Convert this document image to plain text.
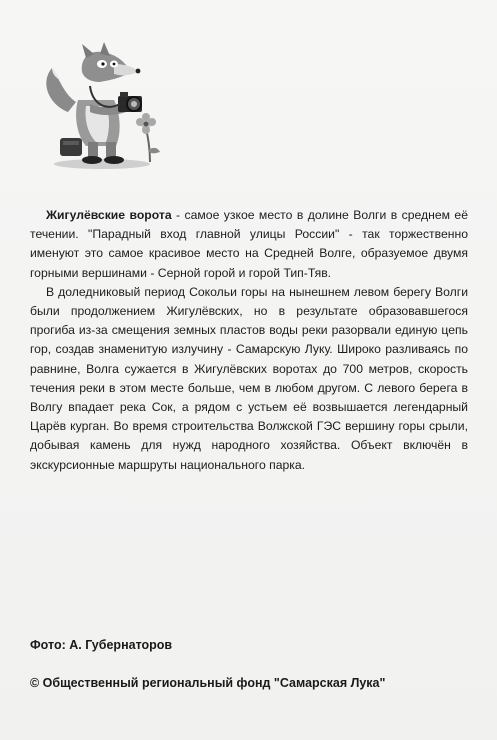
Жигулёвские ворота - самое узкое место в долине Волги в среднем её течении. "Парадный вход главной улицы России" - так торжественно именуют это самое красивое место на Средней Волге, образуемое двумя горными вершинами - Серной горой и горой Тип-Тяв.

В доледниковый период Сокольи горы на нынешнем левом берегу Волги были продолжением Жигулёвских, но в результате образовавшегося прогиба из-за смещения земных пластов воды реки разорвали единую цепь гор, создав знаменитую излучину - Самарскую Луку. Широко разливаясь по равнине, Волга сужается в Жигулёвских воротах до 700 метров, скорость течения реки в этом месте больше, чем в любом другом. С левого берега в Волгу впадает река Сок, а рядом с устьем её возвышается легендарный Царёв курган. Во время строительства Волжской ГЭС вершину горы срыли, добывая камень для нужд народного хозяйства. Объект включён в экскурсионные маршруты национального парка.

Фото: А. Губернаторов
© Общественный региональный фонд "Самарская Лука"
